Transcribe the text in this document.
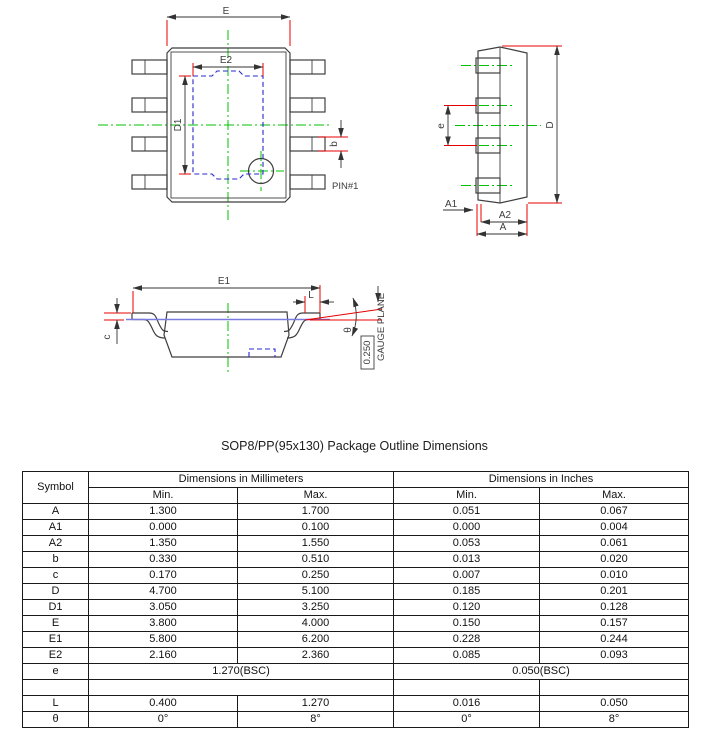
E
E2
D1
b
PIN#1
e	D
A1
A2
A
E1
L
c
θ
0.250 GAUGE PLANE
SOP8/PP(95x130) Package Outline Dimensions
Symbol	Dimensions in Millimeters		Dimensions in Inches	
	Min.	Max.	Min.	Max.
A	1.300	1.700	0.051	0.067
A1	0.000	0.100	0.000	0.004
A2	1.350	1.550	0.053	0.061
b	0.330	0.510	0.013	0.020
c	0.170	0.250	0.007	0.010
D	4.700	5.100	0.185	0.201
D1	3.050	3.250	0.120	0.128
E	3.800	4.000	0.150	0.157
E1	5.800	6.200	0.228	0.244
E2	2.160	2.360	0.085	0.093
e	1.270(BSC)		0.050(BSC)	

L	0.400	1.270	0.016	0.050
θ	0°	8°	0°	8°
